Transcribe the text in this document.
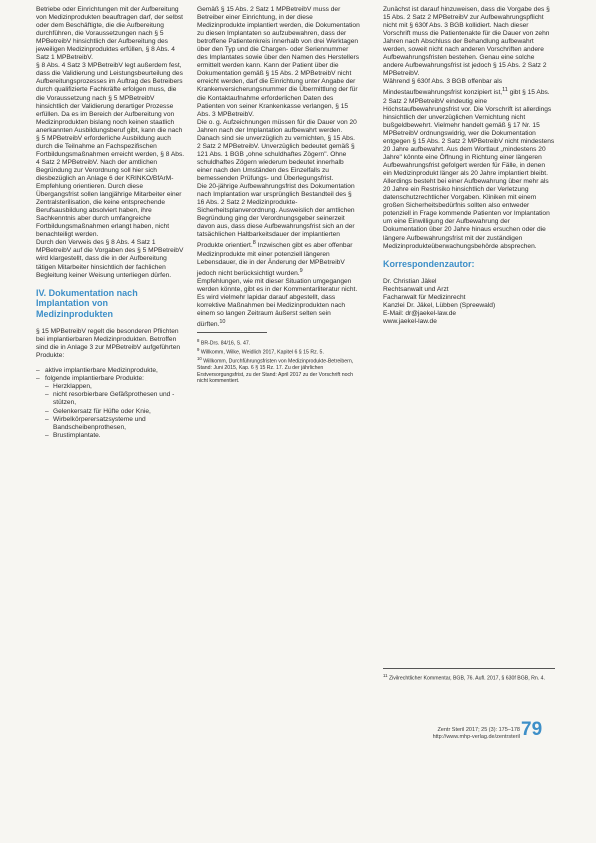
Betriebe oder Einrichtungen mit der Aufbereitung von Medizinprodukten beauftragen darf, der selbst oder dem Beschäftigte, die die Aufbereitung durchführen, die Voraussetzungen nach § 5 MPBetreibV hinsichtlich der Aufbereitung des jeweiligen Medizinproduktes erfüllen, § 8 Abs. 4 Satz 1 MPBetreibV.

§ 8 Abs. 4 Satz 3 MPBetreibV legt außerdem fest, dass die Validierung und Leistungsbeurteilung des Aufbereitungsprozesses im Auftrag des Betreibers durch qualifizierte Fachkräfte erfolgen muss, die die Voraussetzung nach § 5 MPBetreibV hinsichtlich der Validierung derartiger Prozesse erfüllen. Da es im Bereich der Aufbereitung von Medizinprodukten bislang noch keinen staatlich anerkannten Ausbildungsberuf gibt, kann die nach § 5 MPBetreibV erforderliche Ausbildung auch durch die Teilnahme an Fachspezifischen Fortbildungsmaßnahmen erreicht werden, § 8 Abs. 4 Satz 2 MPBetreibV. Nach der amtlichen Begründung zur Verordnung soll hier sich diesbezüglich an Anlage 6 der KRINKO/BfArM-Empfehlung orientieren. Durch diese Übergangsfrist sollen langjährige Mitarbeiter einer Zentralsterilisation, die keine entsprechende Berufsausbildung absolviert haben, ihre Sachkenntnis aber durch umfangreiche Fortbildungsmaßnahmen erlangt haben, nicht benachteiligt werden.

Durch den Verweis des § 8 Abs. 4 Satz 1 MPBetreibV auf die Vorgaben des § 5 MPBetreibV wird klargestellt, dass die in der Aufbereitung tätigen Mitarbeiter hinsichtlich der fachlichen Begleitung keiner Weisung unterliegen dürfen.

IV. Dokumentation nach Implantation von Medizinprodukten

§ 15 MPBetreibV regelt die besonderen Pflichten bei implantierbaren Medizinprodukten. Betroffen sind die in Anlage 3 zur MPBetreibV aufgeführten Produkte:

– aktive implantierbare Medizinprodukte,
– folgende implantierbare Produkte:
– Herzklappen,
– nicht resorbierbare Gefäßprothesen und -stützen,
– Gelenkersatz für Hüfte oder Knie,
– Wirbelkörperersatzsysteme und Bandscheibenprothesen,
– Brustimplantate.

Gemäß § 15 Abs. 2 Satz 1 MPBetreibV muss der Betreiber einer Einrichtung, in der diese Medizinprodukte implantiert werden, die Dokumentation zu diesen Implantaten so aufzubewahren, dass der betroffene Patientenkreis innerhalb von drei Werktagen über den Typ und die Chargen- oder Seriennummer des Implantates sowie über den Namen des Herstellers ermittelt werden kann. Kann der Patient über die Dokumentation gemäß § 15 Abs. 2 MPBetreibV nicht erreicht werden, darf die Einrichtung unter Angabe der Krankenversicherungsnummer die Übermittlung der für die Kontaktaufnahme erforderlichen Daten des Patienten von seiner Krankenkasse verlangen, § 15 Abs. 3 MPBetreibV.

Die o. g. Aufzeichnungen müssen für die Dauer von 20 Jahren nach der Implantation aufbewahrt werden. Danach sind sie unverzüglich zu vernichten, § 15 Abs. 2 Satz 2 MPBetreibV. Unverzüglich bedeutet gemäß § 121 Abs. 1 BGB „ohne schuldhaftes Zögern". Ohne schuldhaftes Zögern wiederum bedeutet innerhalb einer nach den Umständen des Einzelfalls zu bemessenden Prüfungs- und Überlegungsfrist.

Die 20-jährige Aufbewahrungsfrist des Dokumentation nach Implantation war ursprünglich Bestandteil des § 16 Abs. 2 Satz 2 Medizinprodukte-Sicherheitsplanverordnung. Ausweislich der amtlichen Begründung ging der Verordnungsgeber seinerzeit davon aus, dass diese Aufbewahrungsfrist sich an der tatsächlichen Haltbarkeitsdauer der implantierten Produkte orientiert.$^8$ Inzwischen gibt es aber offenbar Medizinprodukte mit einer potenziell längeren Lebensdauer, die in der Änderung der MPBetreibV jedoch nicht berücksichtigt wurden.$^9$

Empfehlungen, wie mit dieser Situation umgegangen werden könnte, gibt es in der Kommentarliteratur nicht. Es wird vielmehr lapidar darauf abgestellt, dass korrektive Maßnahmen bei Medizinprodukten nach einem so langen Zeitraum äußerst selten sein dürften.$^{10}$

$^8$ BR-Drs. 84/16, S. 47.

$^9$ Willkomm, Wilke, Weidlich 2017, Kapitel 6 § 15 Rz. 5.

$^{10}$ Willkomm, Durchführungsfristen von Medizinprodukte-Betreibern, Stand: Juni 2015, Kap. 6 § 15 Rz. 17. Zu der jährlichen Erstversorgungsfrist, zu der Stand: April 2017 zu der Vorschrift noch nicht kommentiert.

Zunächst ist darauf hinzuweisen, dass die Vorgabe des § 15 Abs. 2 Satz 2 MPBetreibV zur Aufbewahrungspflicht nicht mit § 630f Abs. 3 BGB kollidiert. Nach dieser Vorschrift muss die Patientenakte für die Dauer von zehn Jahren nach Abschluss der Behandlung aufbewahrt werden, soweit nicht nach anderen Vorschriften andere Aufbewahrungsfristen bestehen. Genau eine solche andere Aufbewahrungsfrist ist jedoch § 15 Abs. 2 Satz 2 MPBetreibV.

Während § 630f Abs. 3 BGB offenbar als Mindestaufbewahrungsfrist konzipiert ist,$^{11}$ gibt § 15 Abs. 2 Satz 2 MPBetreibV eindeutig eine Höchstaufbewahrungsfrist vor. Die Vorschrift ist allerdings hinsichtlich der unverzüglichen Vernichtung nicht bußgeldbewehrt. Vielmehr handelt gemäß § 17 Nr. 15 MPBetreibV ordnungswidrig, wer die Dokumentation entgegen § 15 Abs. 2 Satz 2 MPBetreibV nicht mindestens 20 Jahre aufbewahrt. Aus dem Wortlaut „mindestens 20 Jahre" könnte eine Öffnung in Richtung einer längeren Aufbewahrungsfrist gefolgert werden für Fälle, in denen ein Medizinprodukt länger als 20 Jahre implantiert bleibt. Allerdings besteht bei einer Aufbewahrung über mehr als 20 Jahre ein Restrisiko hinsichtlich der Verletzung datenschutzrechtlicher Vorgaben. Kliniken mit einem großen Sicherheitsbedürfnis sollten also entweder potenziell in Frage kommende Patienten vor Implantation um eine Einwilligung der Aufbewahrung der Dokumentation über 20 Jahre hinaus ersuchen oder die längere Aufbewahrungsfrist mit der zuständigen Medizinprodukteüberwachungsbehörde absprechen.

Korrespondenzautor:

Dr. Christian Jäkel

Rechtsanwalt und Arzt

Fachanwalt für Medizinrecht

Kanzlei Dr. Jäkel, Lübben (Spreewald)

E-Mail: dr@jaekel-law.de

www.jaekel-law.de

$^{11}$ Zivilrechtlicher Kommentar, BGB, 76. Aufl. 2017, § 630f BGB, Rn. 4.

Zentr Steril 2017; 25 (3): 175–178
http://www.mhp-verlag.de/zentrsteril 79
